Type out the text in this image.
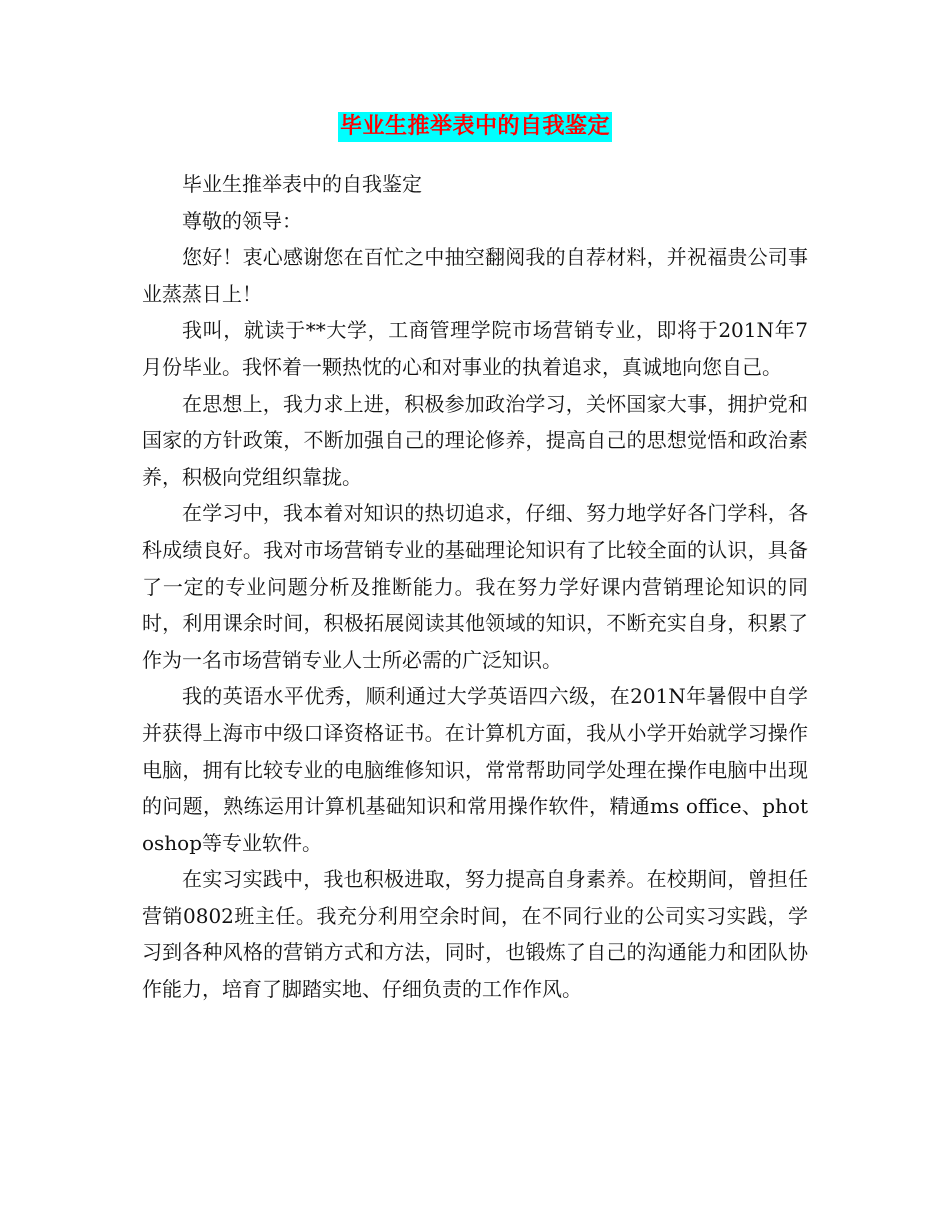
毕业生推举表中的自我鉴定

毕业生推举表中的自我鉴定

尊敬的领导：

您好！衷心感谢您在百忙之中抽空翻阅我的自荐材料，并祝福贵公司事业蒸蒸日上！

我叫，就读于**大学，工商管理学院市场营销专业，即将于201N年7月份毕业。我怀着一颗热忱的心和对事业的执着追求，真诚地向您自己。

在思想上，我力求上进，积极参加政治学习，关怀国家大事，拥护党和国家的方针政策，不断加强自己的理论修养，提高自己的思想觉悟和政治素养，积极向党组织靠拢。

在学习中，我本着对知识的热切追求，仔细、努力地学好各门学科，各科成绩良好。我对市场营销专业的基础理论知识有了比较全面的认识，具备了一定的专业问题分析及推断能力。我在努力学好课内营销理论知识的同时，利用课余时间，积极拓展阅读其他领域的知识，不断充实自身，积累了作为一名市场营销专业人士所必需的广泛知识。

我的英语水平优秀，顺利通过大学英语四六级，在201N年暑假中自学并获得上海市中级口译资格证书。在计算机方面，我从小学开始就学习操作电脑，拥有比较专业的电脑维修知识，常常帮助同学处理在操作电脑中出现的问题，熟练运用计算机基础知识和常用操作软件，精通ms office、photoshop等专业软件。

在实习实践中，我也积极进取，努力提高自身素养。在校期间，曾担任营销0802班主任。我充分利用空余时间，在不同行业的公司实习实践，学习到各种风格的营销方式和方法，同时，也锻炼了自己的沟通能力和团队协作能力，培育了脚踏实地、仔细负责的工作作风。
